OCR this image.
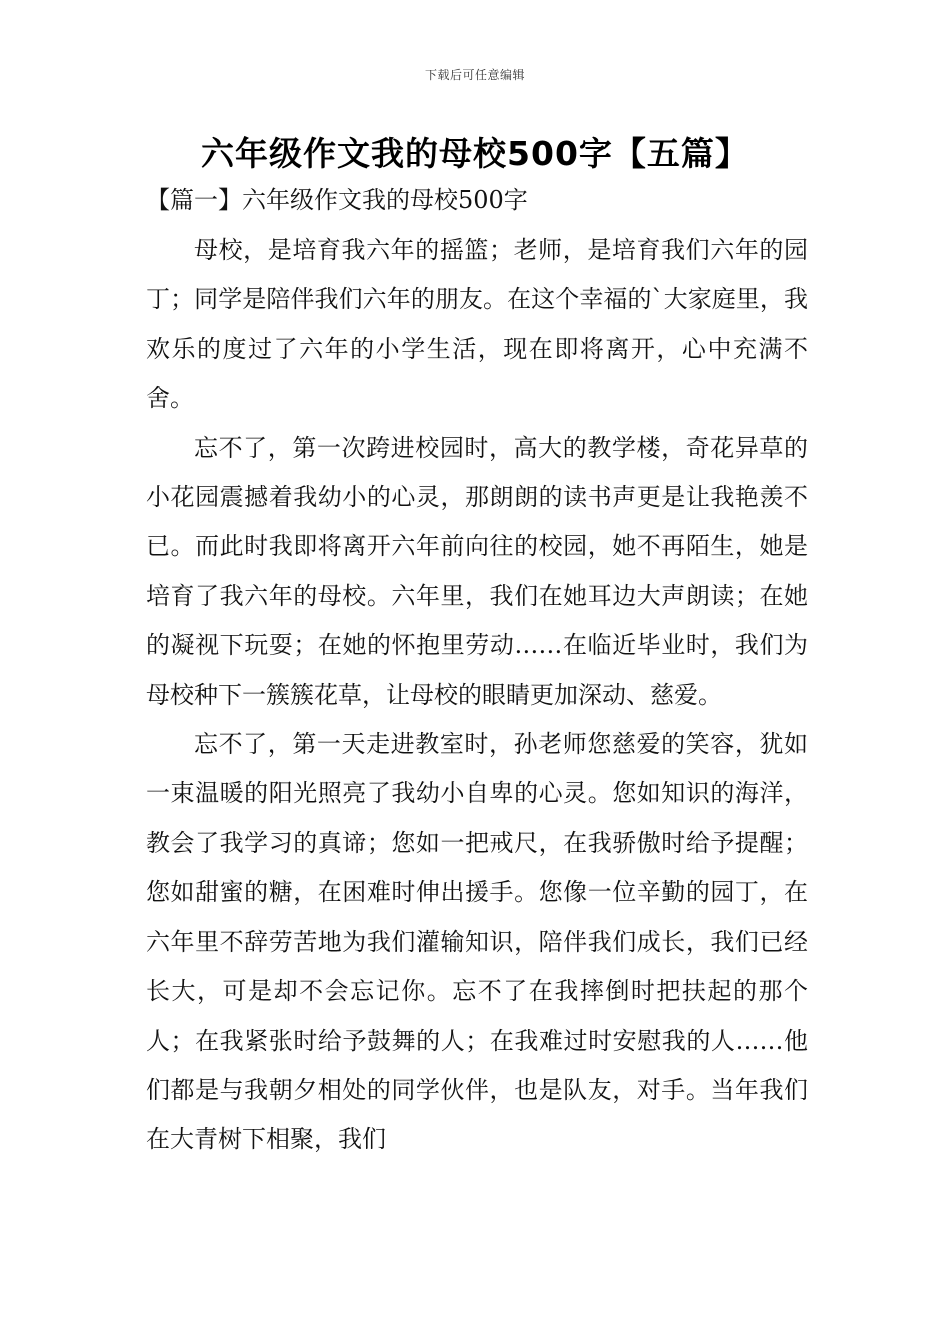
下载后可任意编辑
六年级作文我的母校500字【五篇】
【篇一】六年级作文我的母校500字

母校，是培育我六年的摇篮；老师，是培育我们六年的园丁；同学是陪伴我们六年的朋友。在这个幸福的`大家庭里，我欢乐的度过了六年的小学生活，现在即将离开，心中充满不舍。

忘不了，第一次跨进校园时，高大的教学楼，奇花异草的小花园震撼着我幼小的心灵，那朗朗的读书声更是让我艳羡不已。而此时我即将离开六年前向往的校园，她不再陌生，她是培育了我六年的母校。六年里，我们在她耳边大声朗读；在她的凝视下玩耍；在她的怀抱里劳动……在临近毕业时，我们为母校种下一簇簇花草，让母校的眼睛更加深动、慈爱。

忘不了，第一天走进教室时，孙老师您慈爱的笑容，犹如一束温暖的阳光照亮了我幼小自卑的心灵。您如知识的海洋，教会了我学习的真谛；您如一把戒尺，在我骄傲时给予提醒；您如甜蜜的糖，在困难时伸出援手。您像一位辛勤的园丁，在六年里不辞劳苦地为我们灌输知识，陪伴我们成长，我们已经长大，可是却不会忘记你。忘不了在我摔倒时把扶起的那个人；在我紧张时给予鼓舞的人；在我难过时安慰我的人……他们都是与我朝夕相处的同学伙伴，也是队友，对手。当年我们在大青树下相聚，我们
